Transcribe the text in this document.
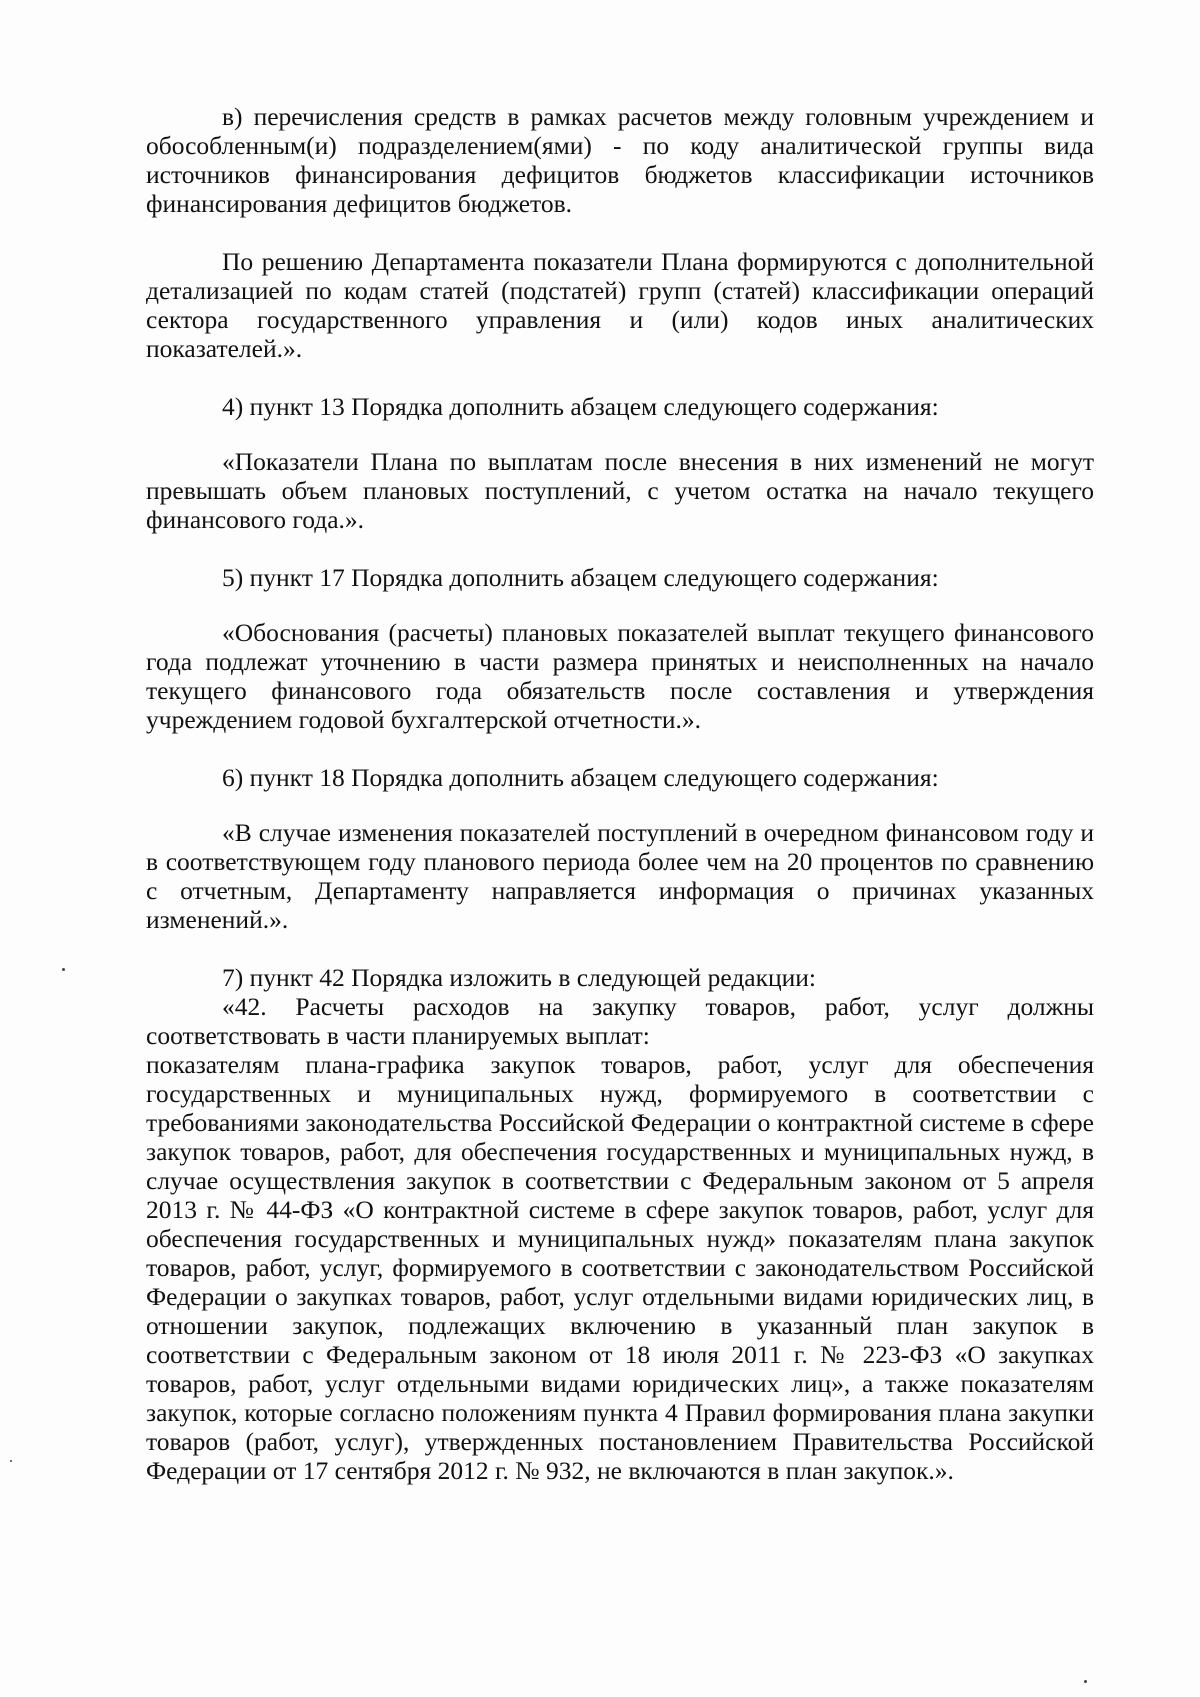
в) перечисления средств в рамках расчетов между головным учреждением и обособленным(и) подразделением(ями) - по коду аналитической группы вида источников финансирования дефицитов бюджетов классификации источников финансирования дефицитов бюджетов.

По решению Департамента показатели Плана формируются с дополнительной детализацией по кодам статей (подстатей) групп (статей) классификации операций сектора государственного управления и (или) кодов иных аналитических показателей.».

4) пункт 13 Порядка дополнить абзацем следующего содержания:

«Показатели Плана по выплатам после внесения в них изменений не могут превышать объем плановых поступлений, с учетом остатка на начало текущего финансового года.».

5) пункт 17 Порядка дополнить абзацем следующего содержания:

«Обоснования (расчеты) плановых показателей выплат текущего финансового года подлежат уточнению в части размера принятых и неисполненных на начало текущего финансового года обязательств после составления и утверждения учреждением годовой бухгалтерской отчетности.».

6) пункт 18 Порядка дополнить абзацем следующего содержания:

«В случае изменения показателей поступлений в очередном финансовом году и в соответствующем году планового периода более чем на 20 процентов по сравнению с отчетным, Департаменту направляется информация о причинах указанных изменений.».

7) пункт 42 Порядка изложить в следующей редакции:

«42. Расчеты расходов на закупку товаров, работ, услуг должны соответствовать в части планируемых выплат:

показателям плана-графика закупок товаров, работ, услуг для обеспечения государственных и муниципальных нужд, формируемого в соответствии с требованиями законодательства Российской Федерации о контрактной системе в сфере закупок товаров, работ, для обеспечения государственных и муниципальных нужд, в случае осуществления закупок в соответствии с Федеральным законом от 5 апреля 2013 г. № 44-ФЗ «О контрактной системе в сфере закупок товаров, работ, услуг для обеспечения государственных и муниципальных нужд» показателям плана закупок товаров, работ, услуг, формируемого в соответствии с законодательством Российской Федерации о закупках товаров, работ, услуг отдельными видами юридических лиц, в отношении закупок, подлежащих включению в указанный план закупок в соответствии с Федеральным законом от 18 июля 2011 г. № 223-ФЗ «О закупках товаров, работ, услуг отдельными видами юридических лиц», а также показателям закупок, которые согласно положениям пункта 4 Правил формирования плана закупки товаров (работ, услуг), утвержденных постановлением Правительства Российской Федерации от 17 сентября 2012 г. № 932, не включаются в план закупок.».
